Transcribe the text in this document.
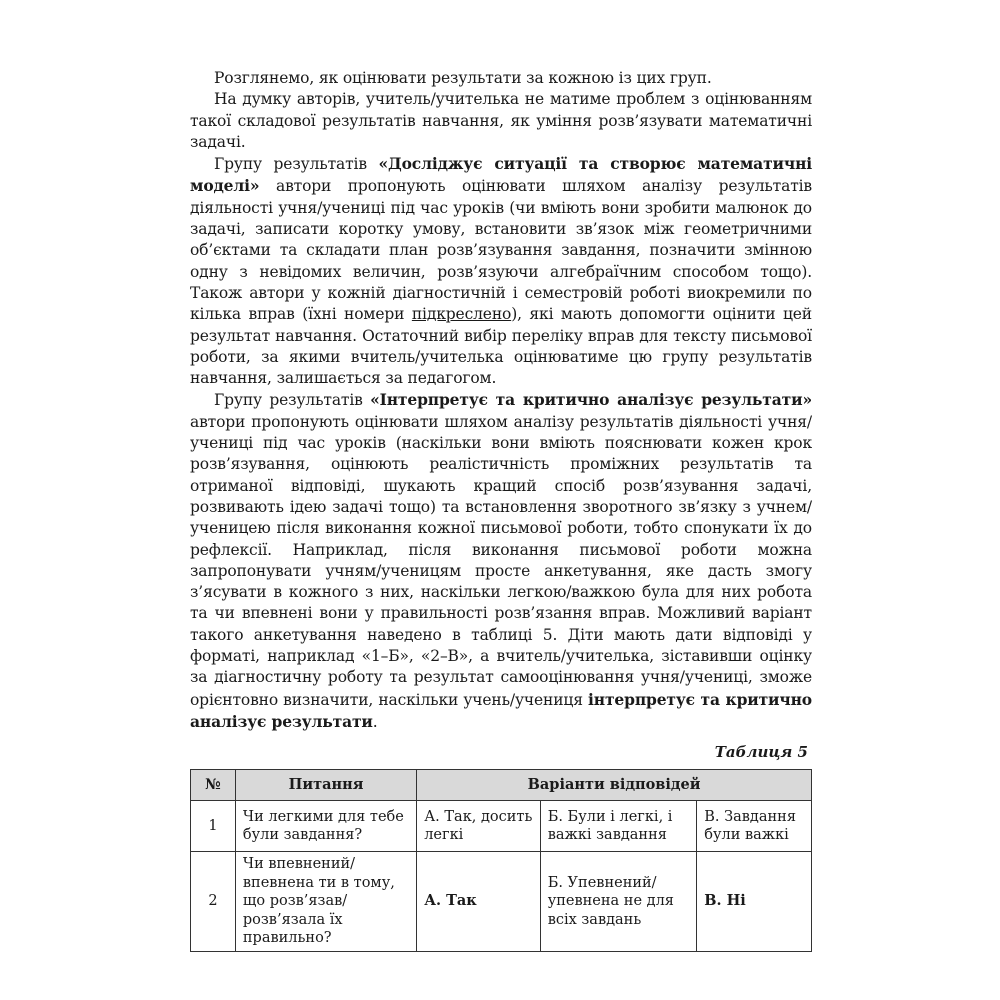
Розглянемо, як оцінювати результати за кожною із цих груп.

На думку авторів, учитель/учителька не матиме проблем з оцінюванням такої складової результатів навчання, як уміння розв’язувати математичні задачі.

Групу результатів «Досліджує ситуації та створює математичні моделі» автори пропонують оцінювати шляхом аналізу результатів діяльності учня/учениці під час уроків (чи вміють вони зробити малюнок до задачі, записати коротку умову, встановити зв’язок між геометричними об’єктами та складати план розв’язування завдання, позначити змінною одну з невідомих величин, розв’язуючи алгебраїчним способом тощо). Також автори у кожній діагностичній і семестровій роботі виокремили по кілька вправ (їхні номери підкреслено), які мають допомогти оцінити цей результат навчання. Остаточний вибір переліку вправ для тексту письмової роботи, за якими вчитель/учителька оцінюватиме цю групу результатів навчання, залишається за педагогом.

Групу результатів «Інтерпретує та критично аналізує результати» автори пропонують оцінювати шляхом аналізу результатів діяльності учня/учениці під час уроків (наскільки вони вміють пояснювати кожен крок розв’язування, оцінюють реалістичність проміжних результатів та отриманої відповіді, шукають кращий спосіб розв’язування задачі, розвивають ідею задачі тощо) та встановлення зворотного зв’язку з учнем/ученицею після виконання кожної письмової роботи, тобто спонукати їх до рефлексії. Наприклад, після виконання письмової роботи можна запропонувати учням/ученицям просте анкетування, яке дасть змогу з’ясувати в кожного з них, наскільки легкою/важкою була для них робота та чи впевнені вони у правильності розв’язання вправ. Можливий варіант такого анкетування наведено в таблиці 5. Діти мають дати відповіді у форматі, наприклад «1–Б», «2–В», а вчитель/учителька, зіставивши оцінку за діагностичну роботу та результат самооцінювання учня/учениці, зможе орієнтовно визначити, наскільки учень/учениця інтерпретує та критично аналізує результати.

Таблиця 5
№	Питання	Варіанти відповідей		
1	Чи легкими для тебе були завдання?	А. Так, досить легкі	Б. Були і легкі, і важкі завдання	В. Завдання були важкі
2	Чи впевнений/впевнена ти в тому, що розв’язав/розв’язала їх правильно?	А. Так	Б. Упевнений/упевнена не для всіх завдань	В. Ні
